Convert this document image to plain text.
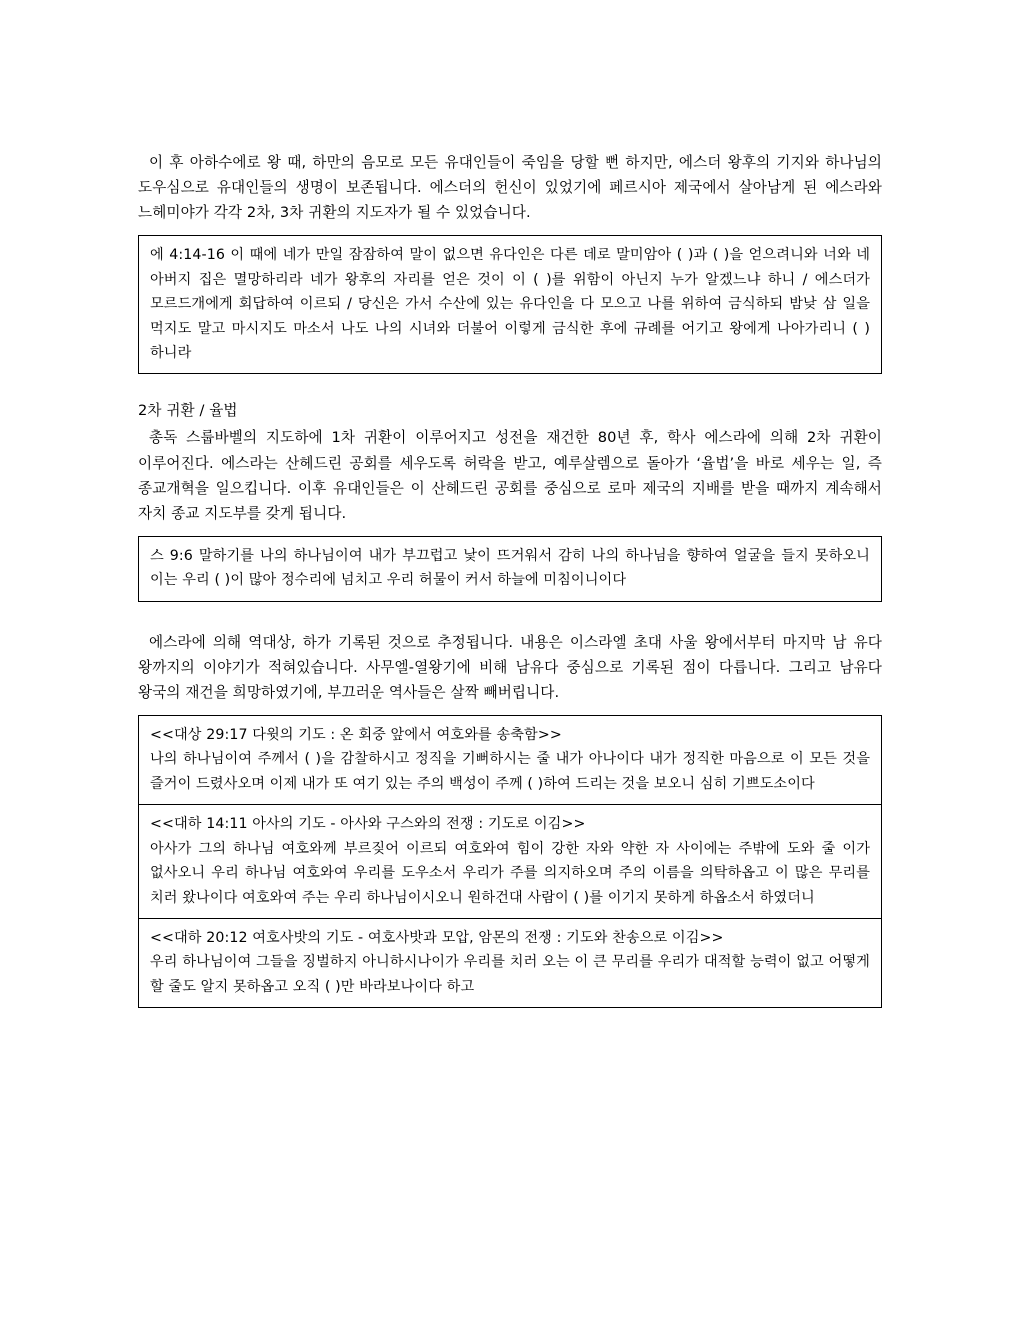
이 후 아하수에로 왕 때, 하만의 음모로 모든 유대인들이 죽임을 당할 뻔 하지만, 에스더 왕후의 기지와 하나님의 도우심으로 유대인들의 생명이 보존됩니다. 에스더의 헌신이 있었기에 페르시아 제국에서 살아남게 된 에스라와 느헤미야가 각각 2차, 3차 귀환의 지도자가 될 수 있었습니다.

에 4:14-16 이 때에 네가 만일 잠잠하여 말이 없으면 유다인은 다른 데로 말미암아 ( )과 ( )을 얻으려니와 너와 네 아버지 집은 멸망하리라 네가 왕후의 자리를 얻은 것이 이 ( )를 위함이 아닌지 누가 알겠느냐 하니 / 에스더가 모르드개에게 회답하여 이르되 / 당신은 가서 수산에 있는 유다인을 다 모으고 나를 위하여 금식하되 밤낮 삼 일을 먹지도 말고 마시지도 마소서 나도 나의 시녀와 더불어 이렇게 금식한 후에 규례를 어기고 왕에게 나아가리니 ( ) 하니라

2차 귀환 / 율법

총독 스룹바벨의 지도하에 1차 귀환이 이루어지고 성전을 재건한 80년 후, 학사 에스라에 의해 2차 귀환이 이루어진다. 에스라는 산헤드린 공회를 세우도록 허락을 받고, 예루살렘으로 돌아가 ‘율법’을 바로 세우는 일, 즉 종교개혁을 일으킵니다. 이후 유대인들은 이 산헤드린 공회를 중심으로 로마 제국의 지배를 받을 때까지 계속해서 자치 종교 지도부를 갖게 됩니다.

스 9:6 말하기를 나의 하나님이여 내가 부끄럽고 낯이 뜨거워서 감히 나의 하나님을 향하여 얼굴을 들지 못하오니 이는 우리 ( )이 많아 정수리에 넘치고 우리 허물이 커서 하늘에 미침이니이다

에스라에 의해 역대상, 하가 기록된 것으로 추정됩니다. 내용은 이스라엘 초대 사울 왕에서부터 마지막 남 유다 왕까지의 이야기가 적혀있습니다. 사무엘-열왕기에 비해 남유다 중심으로 기록된 점이 다릅니다. 그리고 남유다 왕국의 재건을 희망하였기에, 부끄러운 역사들은 살짝 빼버립니다.

<<대상 29:17 다윗의 기도 : 온 회중 앞에서 여호와를 송축함>>

나의 하나님이여 주께서 ( )을 감찰하시고 정직을 기뻐하시는 줄 내가 아나이다 내가 정직한 마음으로 이 모든 것을 즐거이 드렸사오며 이제 내가 또 여기 있는 주의 백성이 주께 ( )하여 드리는 것을 보오니 심히 기쁘도소이다

<<대하 14:11 아사의 기도 - 아사와 구스와의 전쟁 : 기도로 이김>>

아사가 그의 하나님 여호와께 부르짖어 이르되 여호와여 힘이 강한 자와 약한 자 사이에는 주밖에 도와 줄 이가 없사오니 우리 하나님 여호와여 우리를 도우소서 우리가 주를 의지하오며 주의 이름을 의탁하옵고 이 많은 무리를 치러 왔나이다 여호와여 주는 우리 하나님이시오니 원하건대 사람이 ( )를 이기지 못하게 하옵소서 하였더니

<<대하 20:12 여호사밧의 기도 - 여호사밧과 모압, 암몬의 전쟁 : 기도와 찬송으로 이김>>

우리 하나님이여 그들을 징벌하지 아니하시나이가 우리를 치러 오는 이 큰 무리를 우리가 대적할 능력이 없고 어떻게 할 줄도 알지 못하옵고 오직 ( )만 바라보나이다 하고
